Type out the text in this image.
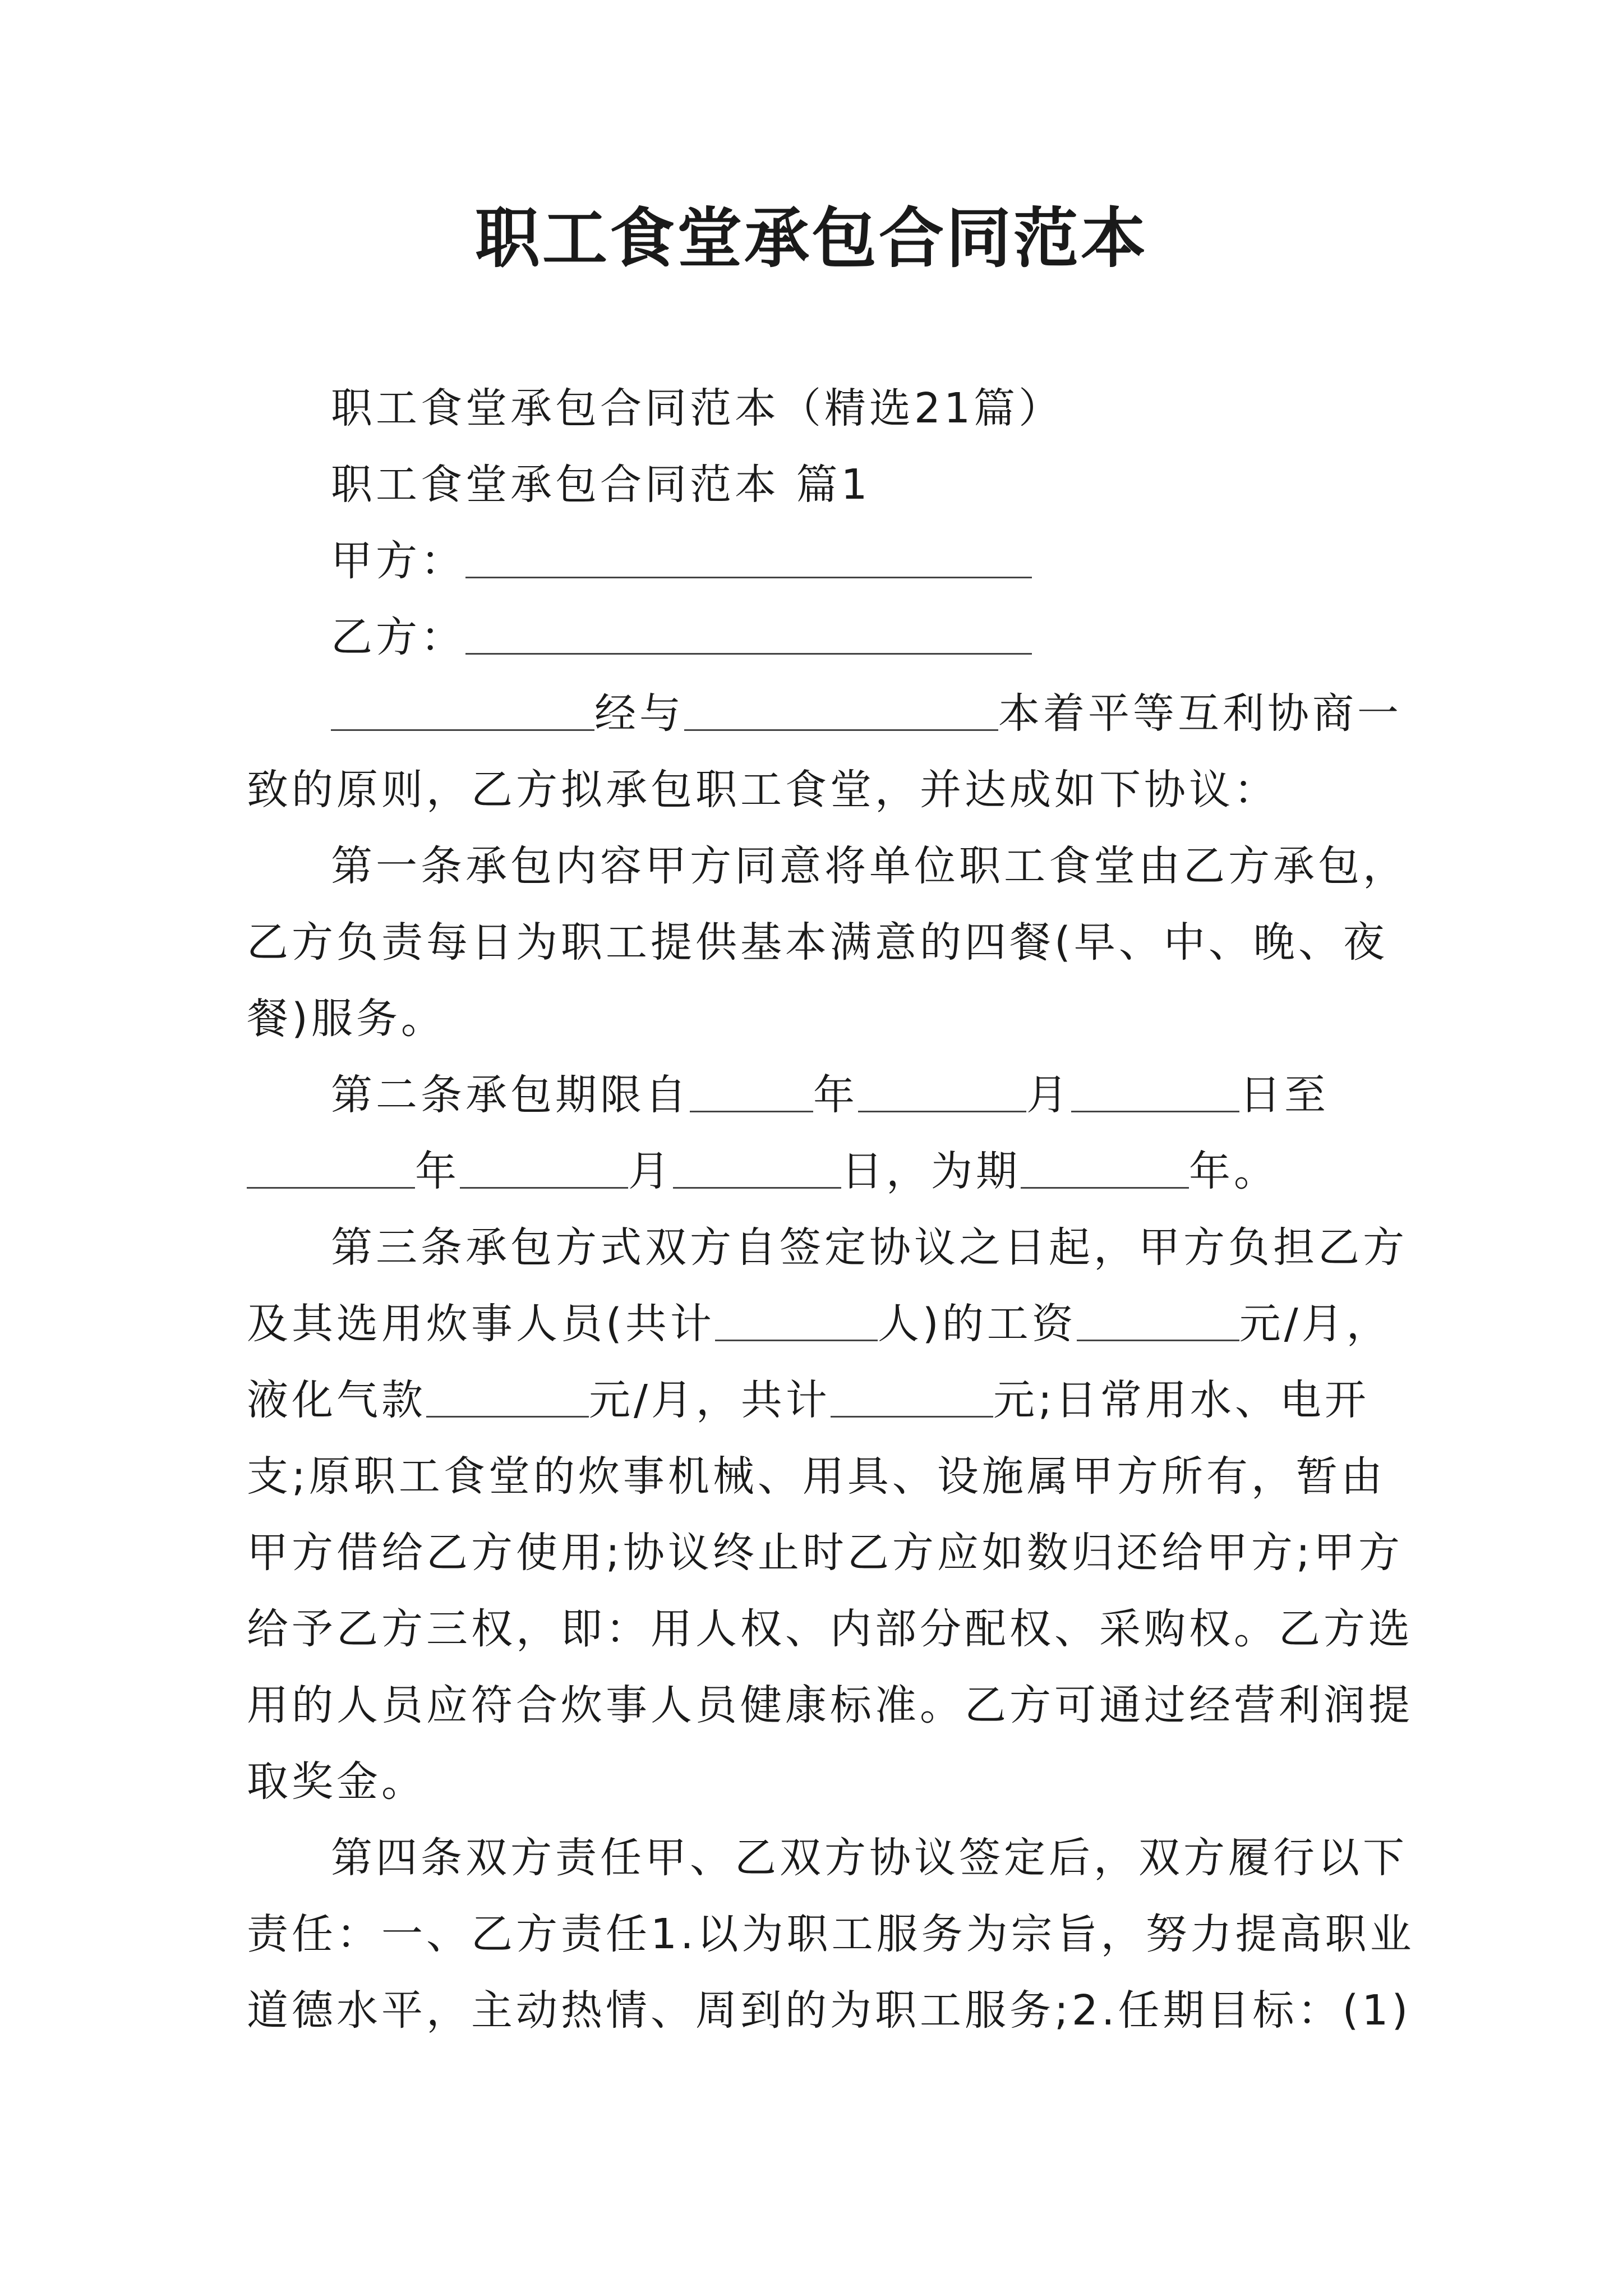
职工食堂承包合同范本
职工食堂承包合同范本（精选21篇）
职工食堂承包合同范本 篇1
甲方：
乙方：
经与	本着平等互利协商一
致的原则，乙方拟承包职工食堂，并达成如下协议：
第一条承包内容甲方同意将单位职工食堂由乙方承包，
乙方负责每日为职工提供基本满意的四餐(早、中、晚、夜
餐)服务。
第二条承包期限自	年	月	日至
年	月	日，为期	年。
第三条承包方式双方自签定协议之日起，甲方负担乙方
及其选用炊事人员(共计	人)的工资	元/月，
液化气款	元/月，共计	元;日常用水、电开
支;原职工食堂的炊事机械、用具、设施属甲方所有，暂由
甲方借给乙方使用;协议终止时乙方应如数归还给甲方;甲方
给予乙方三权，即：用人权、内部分配权、采购权。乙方选
用的人员应符合炊事人员健康标准。乙方可通过经营利润提
取奖金。
第四条双方责任甲、乙双方协议签定后，双方履行以下
责任：一、乙方责任1.以为职工服务为宗旨，努力提高职业
道德水平，主动热情、周到的为职工服务;2.任期目标：(1)
